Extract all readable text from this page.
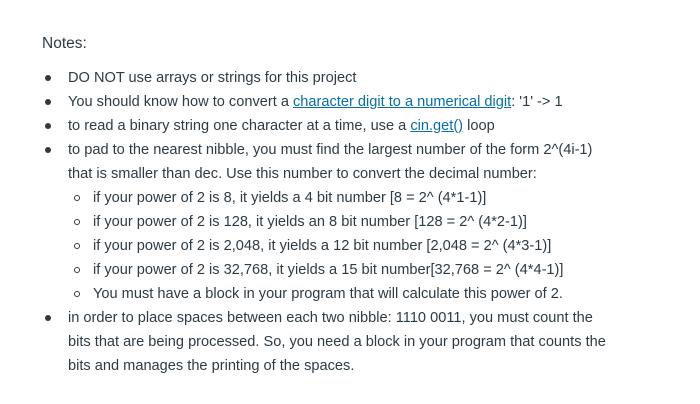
Notes:
DO NOT use arrays or strings for this project
You should know how to convert a character digit to a numerical digit: '1' -> 1
to read a binary string one character at a time, use a cin.get() loop
to pad to the nearest nibble, you must find the largest number of the form 2^(4i-1)
that is smaller than dec. Use this number to convert the decimal number:
if your power of 2 is 8, it yields a 4 bit number [8 = 2^ (4*1-1)]
if your power of 2 is 128, it yields an 8 bit number [128 = 2^ (4*2-1)]
if your power of 2 is 2,048, it yields a 12 bit number [2,048 = 2^ (4*3-1)]
if your power of 2 is 32,768, it yields a 15 bit number[32,768 = 2^ (4*4-1)]
You must have a block in your program that will calculate this power of 2.
in order to place spaces between each two nibble: 1110 0011, you must count the
bits that are being processed. So, you need a block in your program that counts the
bits and manages the printing of the spaces.
